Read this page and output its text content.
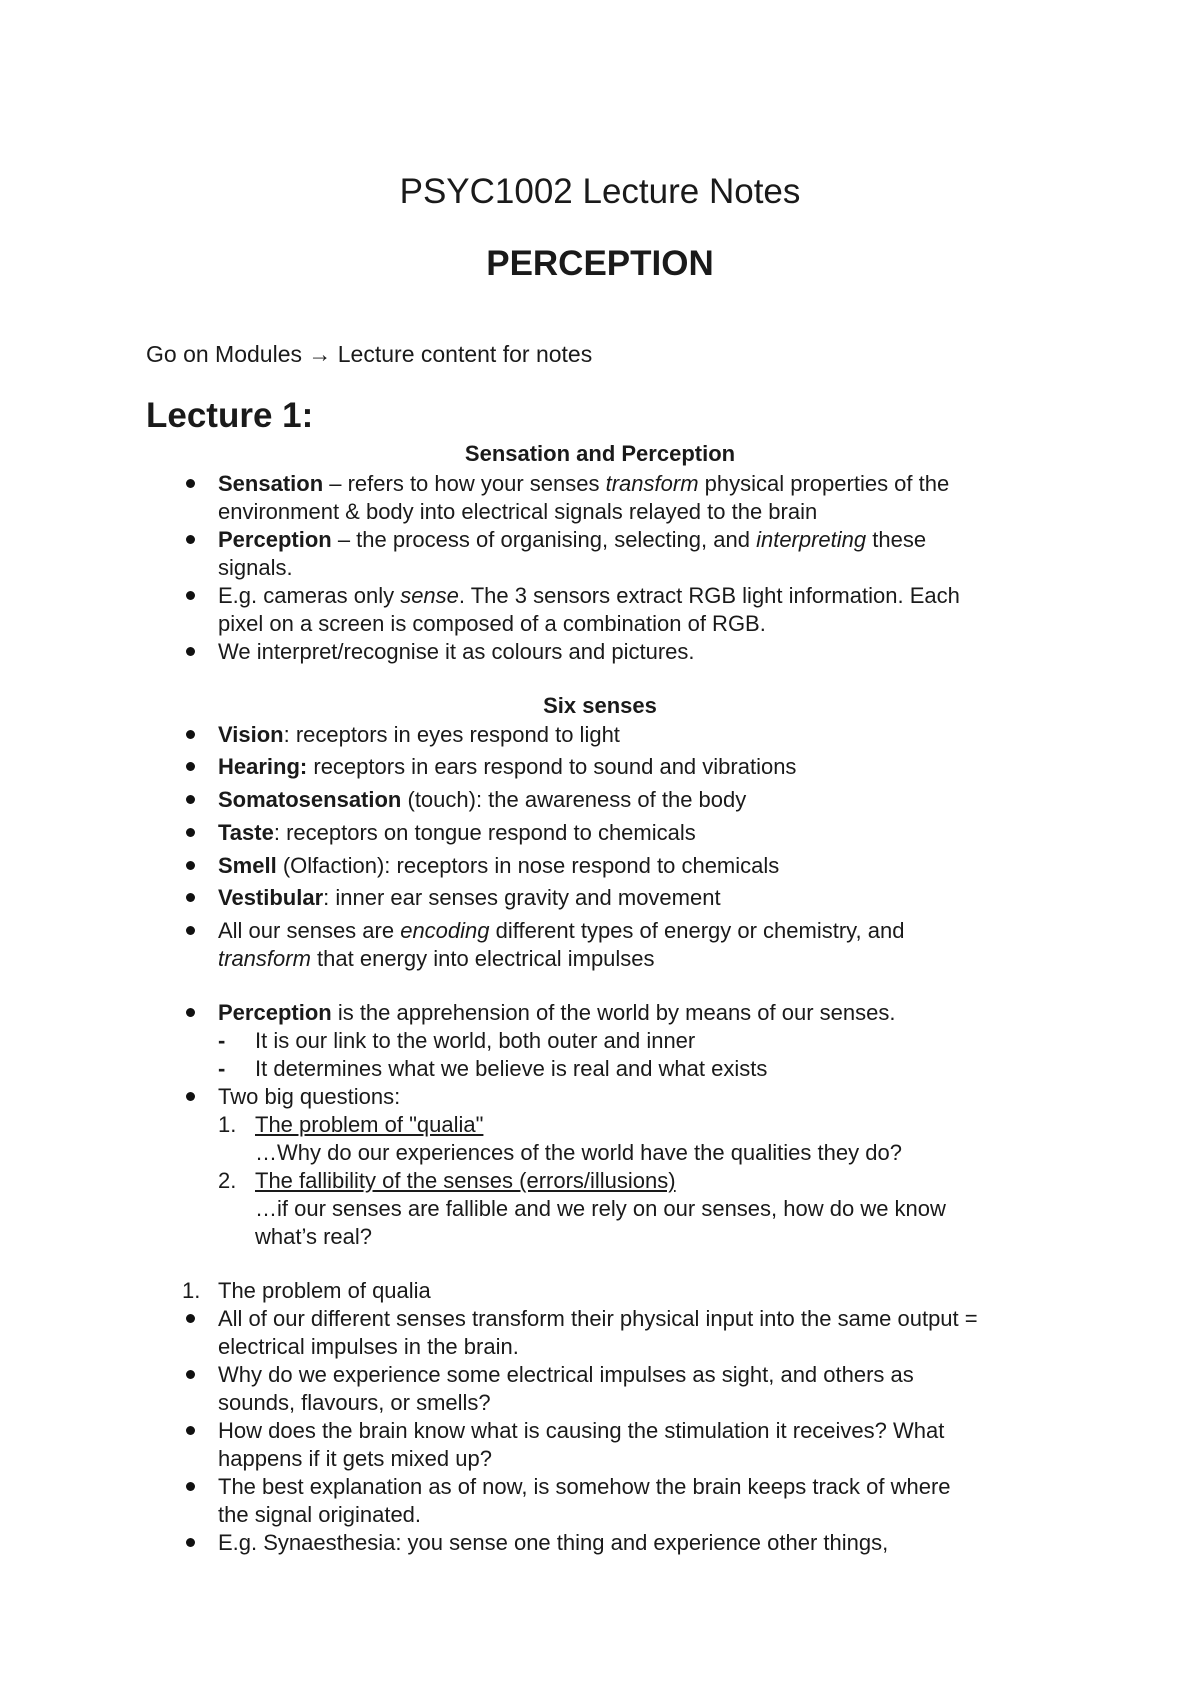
PSYC1002 Lecture Notes
PERCEPTION
Go on Modules → Lecture content for notes
Lecture 1:
Sensation and Perception
Sensation – refers to how your senses transform physical properties of the
environment & body into electrical signals relayed to the brain
Perception – the process of organising, selecting, and interpreting these
signals.
E.g. cameras only sense. The 3 sensors extract RGB light information. Each
pixel on a screen is composed of a combination of RGB.
We interpret/recognise it as colours and pictures.
Six senses
Vision: receptors in eyes respond to light
Hearing: receptors in ears respond to sound and vibrations
Somatosensation (touch): the awareness of the body
Taste: receptors on tongue respond to chemicals
Smell (Olfaction): receptors in nose respond to chemicals
Vestibular: inner ear senses gravity and movement
All our senses are encoding different types of energy or chemistry, and
transform that energy into electrical impulses
Perception is the apprehension of the world by means of our senses.
- It is our link to the world, both outer and inner
- It determines what we believe is real and what exists
Two big questions:
1. The problem of "qualia"
…Why do our experiences of the world have the qualities they do?
2. The fallibility of the senses (errors/illusions)
…if our senses are fallible and we rely on our senses, how do we know
what’s real?
1. The problem of qualia
All of our different senses transform their physical input into the same output =
electrical impulses in the brain.
Why do we experience some electrical impulses as sight, and others as
sounds, flavours, or smells?
How does the brain know what is causing the stimulation it receives? What
happens if it gets mixed up?
The best explanation as of now, is somehow the brain keeps track of where
the signal originated.
E.g. Synaesthesia: you sense one thing and experience other things,
